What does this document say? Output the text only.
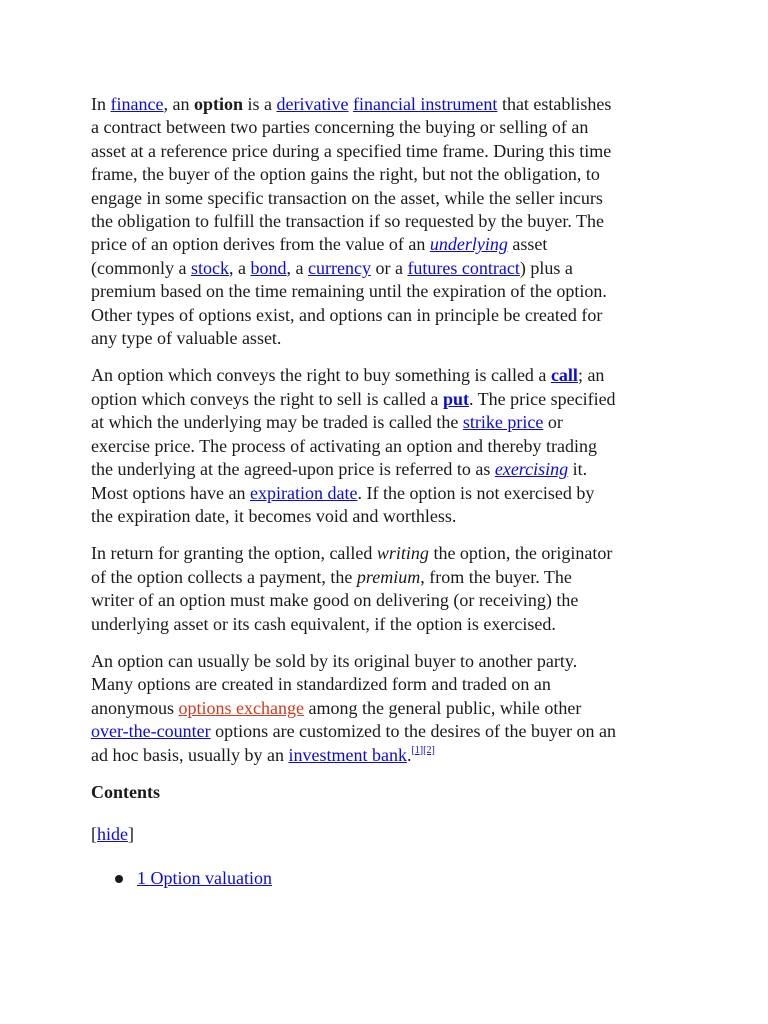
In finance, an option is a derivative financial instrument that establishes
a contract between two parties concerning the buying or selling of an
asset at a reference price during a specified time frame. During this time
frame, the buyer of the option gains the right, but not the obligation, to
engage in some specific transaction on the asset, while the seller incurs
the obligation to fulfill the transaction if so requested by the buyer. The
price of an option derives from the value of an underlying asset
(commonly a stock, a bond, a currency or a futures contract) plus a
premium based on the time remaining until the expiration of the option.
Other types of options exist, and options can in principle be created for
any type of valuable asset.

An option which conveys the right to buy something is called a call; an
option which conveys the right to sell is called a put. The price specified
at which the underlying may be traded is called the strike price or
exercise price. The process of activating an option and thereby trading
the underlying at the agreed-upon price is referred to as exercising it.
Most options have an expiration date. If the option is not exercised by
the expiration date, it becomes void and worthless.

In return for granting the option, called writing the option, the originator
of the option collects a payment, the premium, from the buyer. The
writer of an option must make good on delivering (or receiving) the
underlying asset or its cash equivalent, if the option is exercised.

An option can usually be sold by its original buyer to another party.
Many options are created in standardized form and traded on an
anonymous options exchange among the general public, while other
over-the-counter options are customized to the desires of the buyer on an
ad hoc basis, usually by an investment bank.[1][2]

Contents
[hide]
1 Option valuation
